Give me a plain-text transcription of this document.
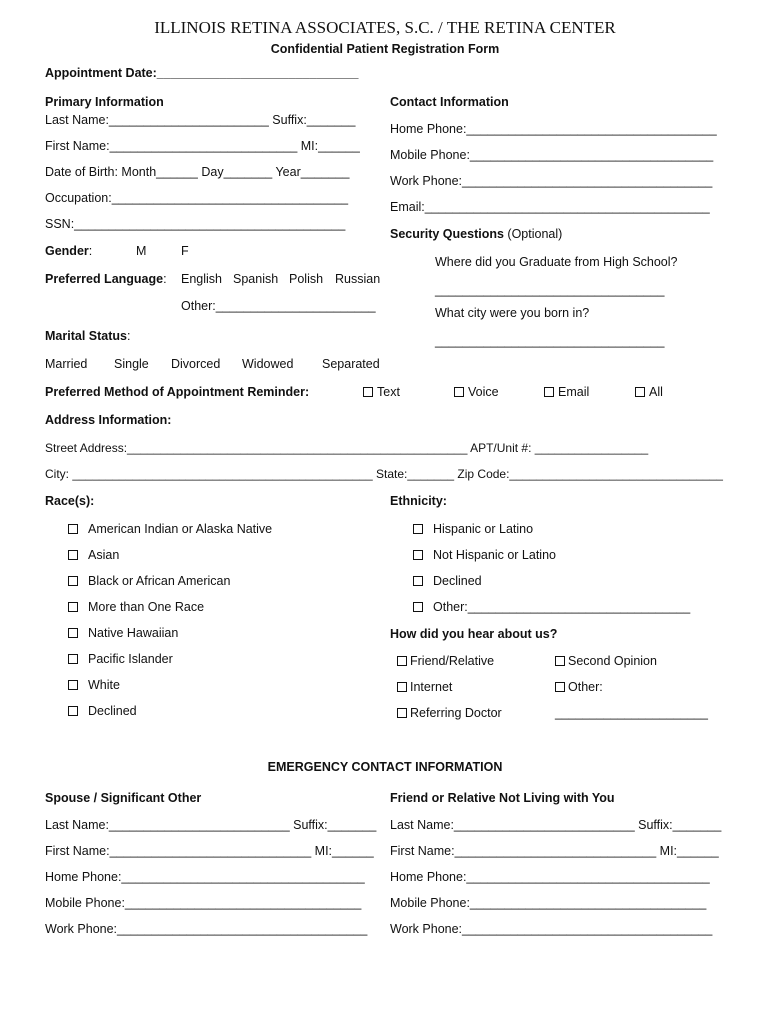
ILLINOIS RETINA ASSOCIATES, S.C. / THE RETINA CENTER
Confidential Patient Registration Form
Appointment Date:_____________________________
Primary Information
Last Name:_______________________ Suffix:_______
First Name:___________________________ MI:______
Date of Birth: Month______ Day_______ Year_______
Occupation:__________________________________
SSN:_______________________________________
Gender:	M	F
Preferred Language: English Spanish Polish Russian
Other:_______________________
Marital Status:
Married Single Divorced Widowed Separated
Contact Information
Home Phone:____________________________________
Mobile Phone:___________________________________
Work Phone:____________________________________
Email:_________________________________________
Security Questions (Optional)
Where did you Graduate from High School?
_________________________________
What city were you born in?
_________________________________
Preferred Method of Appointment Reminder:	Text	Voice	Email	All
Address Information:
Street Address:___________________________________________________ APT/Unit #: _________________
City: _____________________________________________ State:_______ Zip Code:________________________________
Race(s):
American Indian or Alaska Native
Asian
Black or African American
More than One Race
Native Hawaiian
Pacific Islander
White
Declined
Ethnicity:
Hispanic or Latino
Not Hispanic or Latino
Declined
Other:________________________________
How did you hear about us?
Friend/Relative
Internet
Referring Doctor
Second Opinion
Other:
______________________
EMERGENCY CONTACT INFORMATION
Spouse / Significant Other
Last Name:__________________________ Suffix:_______
First Name:_____________________________ MI:______
Home Phone:___________________________________
Mobile Phone:__________________________________
Work Phone:____________________________________
Friend or Relative Not Living with You
Last Name:__________________________ Suffix:_______
First Name:_____________________________ MI:______
Home Phone:___________________________________
Mobile Phone:__________________________________
Work Phone:____________________________________
